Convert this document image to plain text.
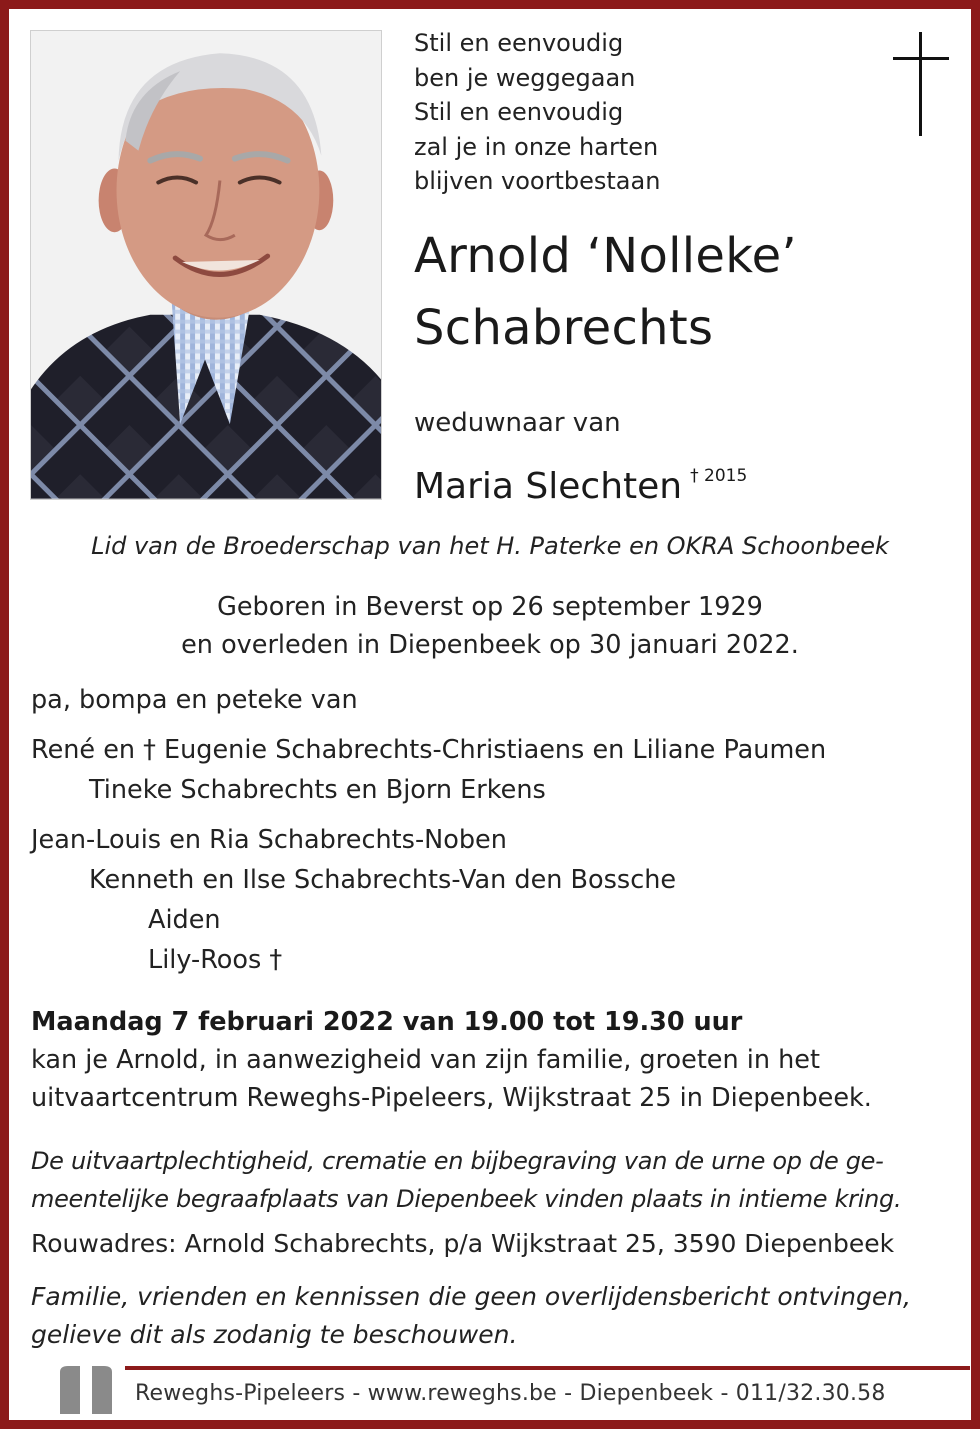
Stil en eenvoudig
ben je weggegaan
Stil en eenvoudig
zal je in onze harten
blijven voortbestaan
Arnold ‘Nolleke’
Schabrechts
weduwnaar van
Maria Slechten $^{\dagger 2015}$
Lid van de Broederschap van het H. Paterke en OKRA Schoonbeek
Geboren in Beverst op 26 september 1929
en overleden in Diepenbeek op 30 januari 2022.
pa, bompa en peteke van
René en † Eugenie Schabrechts-Christiaens en Liliane Paumen
Tineke Schabrechts en Bjorn Erkens
Jean-Louis en Ria Schabrechts-Noben
Kenneth en Ilse Schabrechts-Van den Bossche
Aiden
Lily-Roos †
Maandag 7 februari 2022 van 19.00 tot 19.30 uur
kan je Arnold, in aanwezigheid van zijn familie, groeten in het
uitvaartcentrum Reweghs-Pipeleers, Wijkstraat 25 in Diepenbeek.
De uitvaartplechtigheid, crematie en bijbegraving van de urne op de ge-
meentelijke begraafplaats van Diepenbeek vinden plaats in intieme kring.
Rouwadres: Arnold Schabrechts, p/a Wijkstraat 25, 3590 Diepenbeek
Familie, vrienden en kennissen die geen overlijdensbericht ontvingen,
gelieve dit als zodanig te beschouwen.
Reweghs-Pipeleers - www.reweghs.be - Diepenbeek - 011/32.30.58
